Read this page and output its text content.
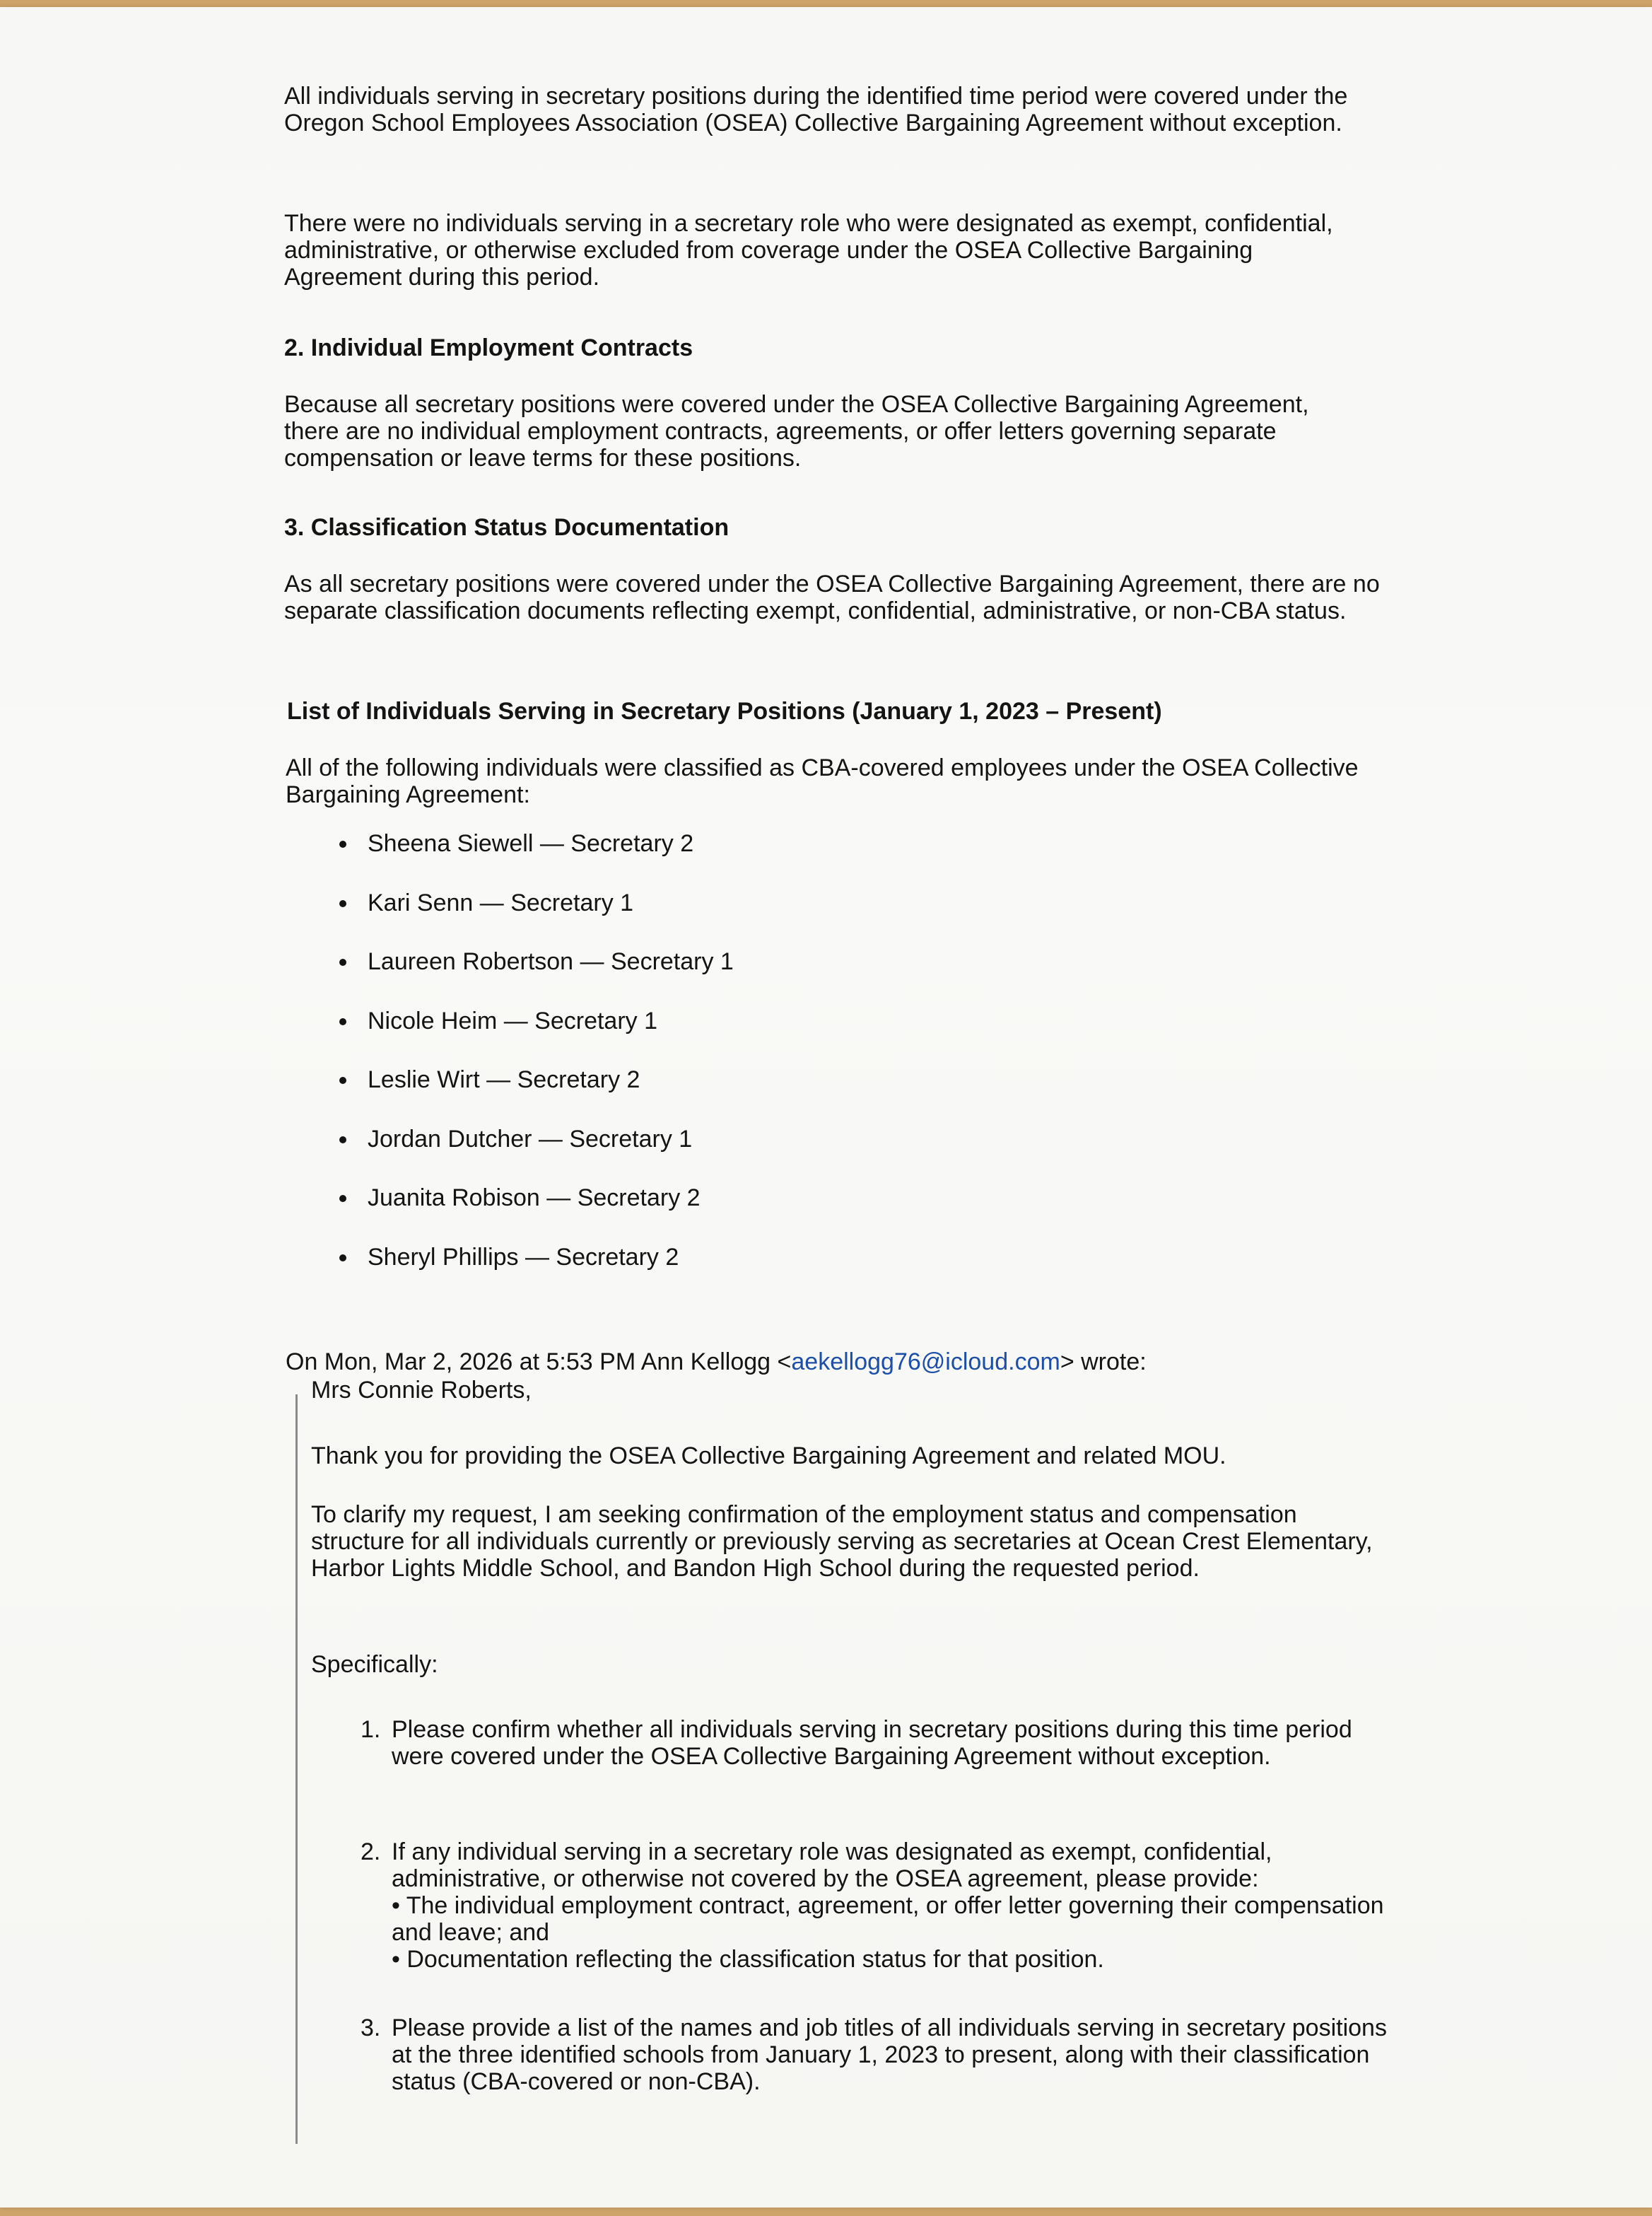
All individuals serving in secretary positions during the identified time period were covered under the Oregon School Employees Association (OSEA) Collective Bargaining Agreement without exception.

There were no individuals serving in a secretary role who were designated as exempt, confidential, administrative, or otherwise excluded from coverage under the OSEA Collective Bargaining Agreement during this period.

2. Individual Employment Contracts

Because all secretary positions were covered under the OSEA Collective Bargaining Agreement, there are no individual employment contracts, agreements, or offer letters governing separate compensation or leave terms for these positions.

3. Classification Status Documentation

As all secretary positions were covered under the OSEA Collective Bargaining Agreement, there are no separate classification documents reflecting exempt, confidential, administrative, or non-CBA status.

List of Individuals Serving in Secretary Positions (January 1, 2023 – Present)

All of the following individuals were classified as CBA-covered employees under the OSEA Collective Bargaining Agreement:

Sheena Siewell — Secretary 2
Kari Senn — Secretary 1
Laureen Robertson — Secretary 1
Nicole Heim — Secretary 1
Leslie Wirt — Secretary 2
Jordan Dutcher — Secretary 1
Juanita Robison — Secretary 2
Sheryl Phillips — Secretary 2

On Mon, Mar 2, 2026 at 5:53 PM Ann Kellogg <aekellogg76@icloud.com> wrote:

Mrs Connie Roberts,

Thank you for providing the OSEA Collective Bargaining Agreement and related MOU.

To clarify my request, I am seeking confirmation of the employment status and compensation structure for all individuals currently or previously serving as secretaries at Ocean Crest Elementary, Harbor Lights Middle School, and Bandon High School during the requested period.

Specifically:

1. Please confirm whether all individuals serving in secretary positions during this time period were covered under the OSEA Collective Bargaining Agreement without exception.
2. If any individual serving in a secretary role was designated as exempt, confidential, administrative, or otherwise not covered by the OSEA agreement, please provide:
• The individual employment contract, agreement, or offer letter governing their compensation and leave; and
• Documentation reflecting the classification status for that position.
3. Please provide a list of the names and job titles of all individuals serving in secretary positions at the three identified schools from January 1, 2023 to present, along with their classification status (CBA-covered or non-CBA).
